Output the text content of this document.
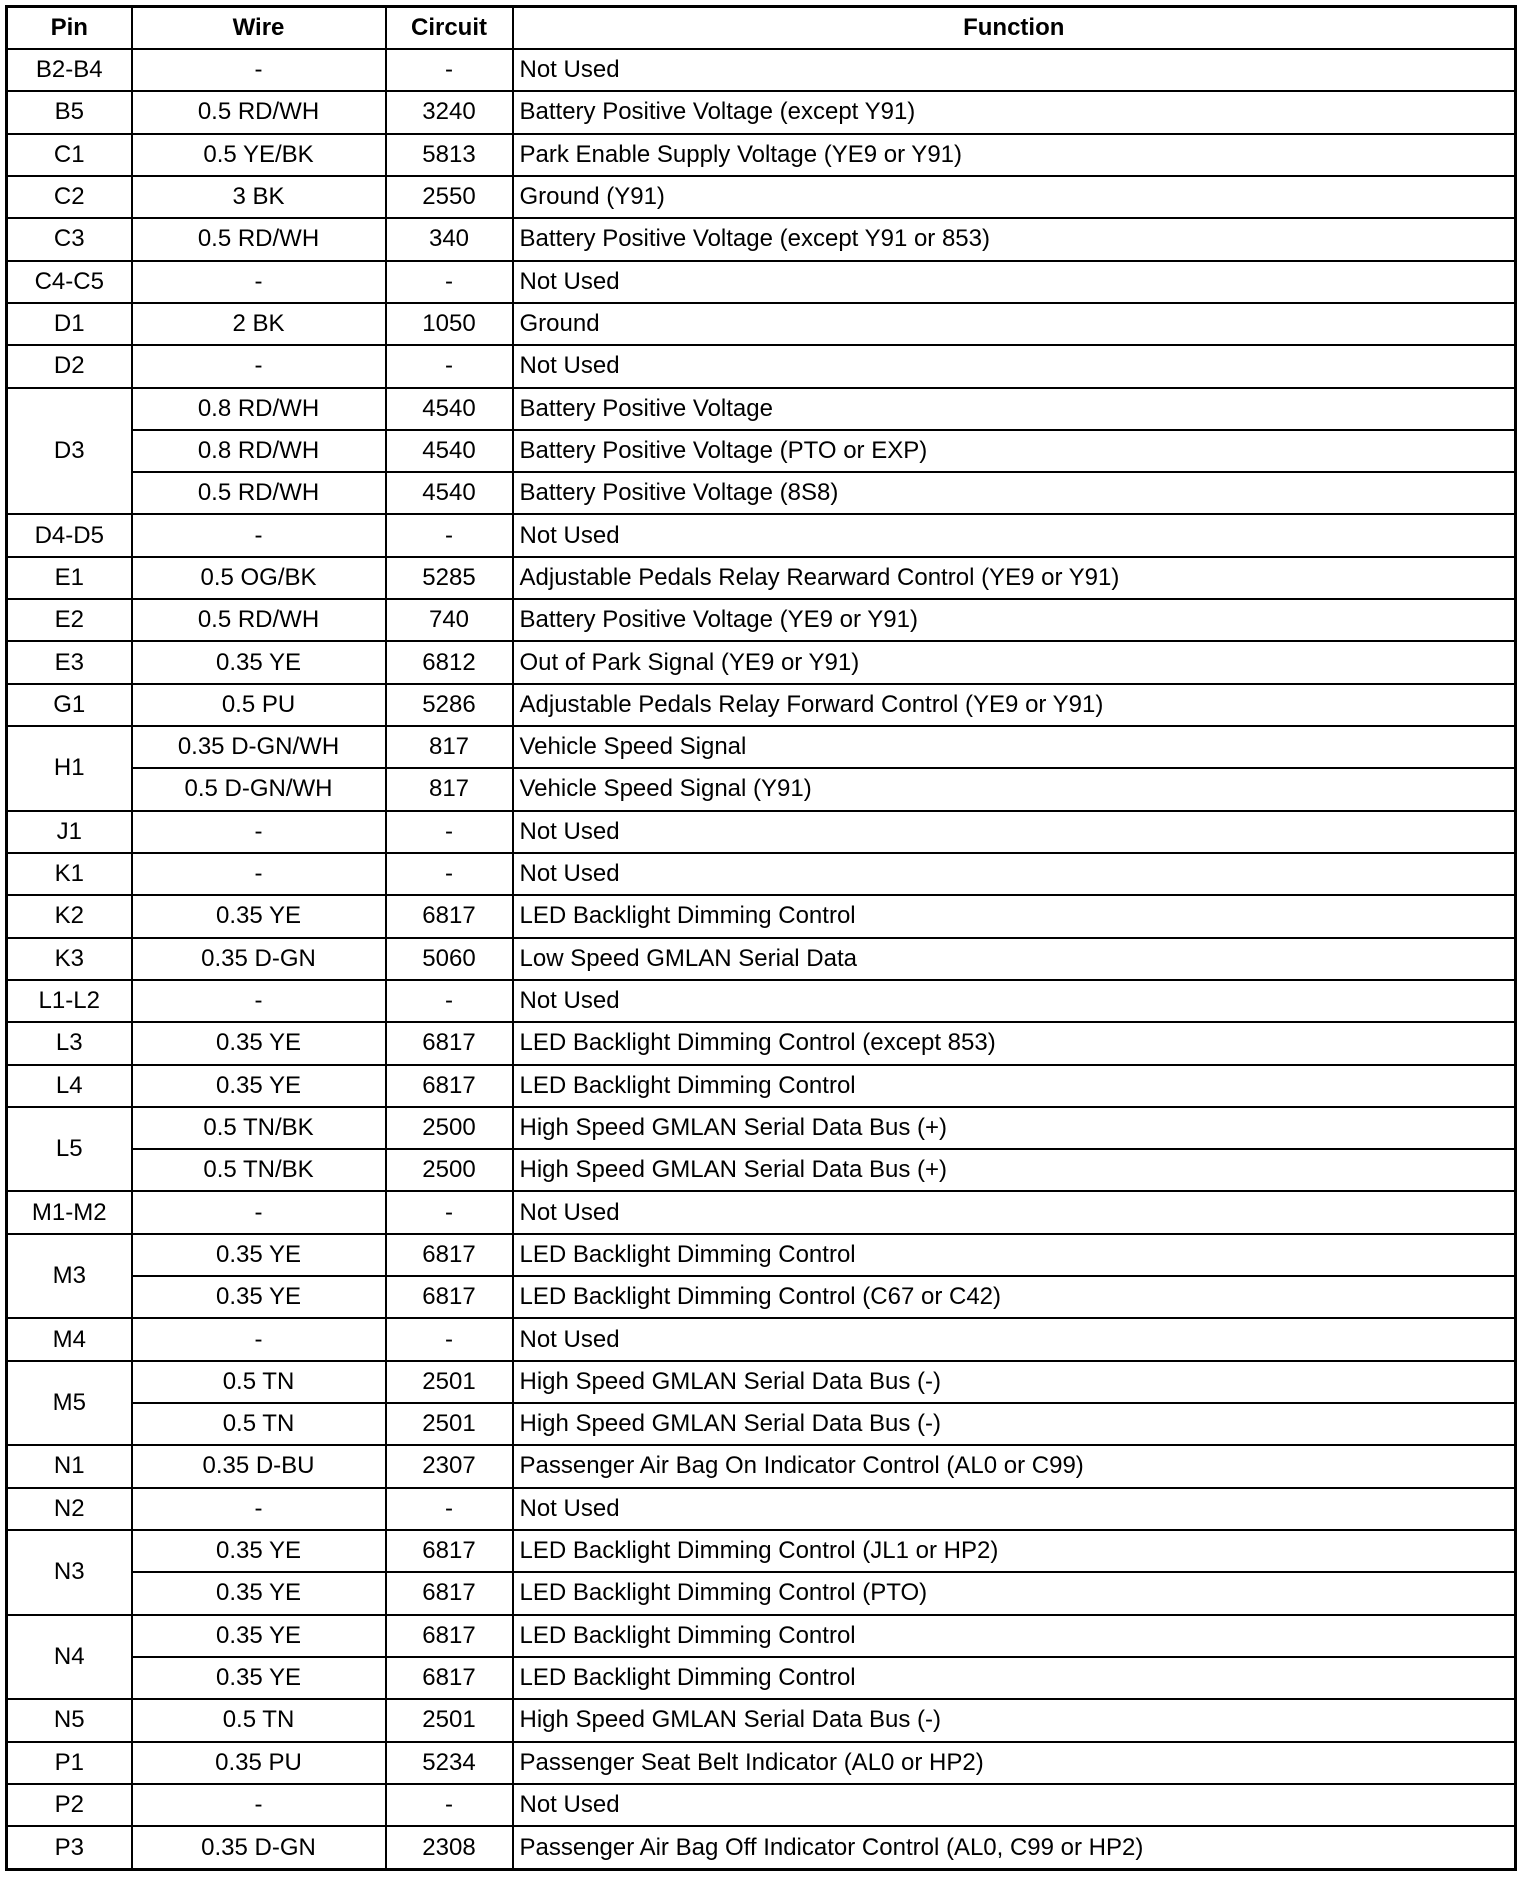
Pin	Wire	Circuit	Function
B2-B4	-	-	Not Used
B5	0.5 RD/WH	3240	Battery Positive Voltage (except Y91)
C1	0.5 YE/BK	5813	Park Enable Supply Voltage (YE9 or Y91)
C2	3 BK	2550	Ground (Y91)
C3	0.5 RD/WH	340	Battery Positive Voltage (except Y91 or 853)
C4-C5	-	-	Not Used
D1	2 BK	1050	Ground
D2	-	-	Not Used
D3	0.8 RD/WH	4540	Battery Positive Voltage
	0.8 RD/WH	4540	Battery Positive Voltage (PTO or EXP)
	0.5 RD/WH	4540	Battery Positive Voltage (8S8)
D4-D5	-	-	Not Used
E1	0.5 OG/BK	5285	Adjustable Pedals Relay Rearward Control (YE9 or Y91)
E2	0.5 RD/WH	740	Battery Positive Voltage (YE9 or Y91)
E3	0.35 YE	6812	Out of Park Signal (YE9 or Y91)
G1	0.5 PU	5286	Adjustable Pedals Relay Forward Control (YE9 or Y91)
H1	0.35 D-GN/WH	817	Vehicle Speed Signal
	0.5 D-GN/WH	817	Vehicle Speed Signal (Y91)
J1	-	-	Not Used
K1	-	-	Not Used
K2	0.35 YE	6817	LED Backlight Dimming Control
K3	0.35 D-GN	5060	Low Speed GMLAN Serial Data
L1-L2	-	-	Not Used
L3	0.35 YE	6817	LED Backlight Dimming Control (except 853)
L4	0.35 YE	6817	LED Backlight Dimming Control
L5	0.5 TN/BK	2500	High Speed GMLAN Serial Data Bus (+)
	0.5 TN/BK	2500	High Speed GMLAN Serial Data Bus (+)
M1-M2	-	-	Not Used
M3	0.35 YE	6817	LED Backlight Dimming Control
	0.35 YE	6817	LED Backlight Dimming Control (C67 or C42)
M4	-	-	Not Used
M5	0.5 TN	2501	High Speed GMLAN Serial Data Bus (-)
	0.5 TN	2501	High Speed GMLAN Serial Data Bus (-)
N1	0.35 D-BU	2307	Passenger Air Bag On Indicator Control (AL0 or C99)
N2	-	-	Not Used
N3	0.35 YE	6817	LED Backlight Dimming Control (JL1 or HP2)
	0.35 YE	6817	LED Backlight Dimming Control (PTO)
N4	0.35 YE	6817	LED Backlight Dimming Control
	0.35 YE	6817	LED Backlight Dimming Control
N5	0.5 TN	2501	High Speed GMLAN Serial Data Bus (-)
P1	0.35 PU	5234	Passenger Seat Belt Indicator (AL0 or HP2)
P2	-	-	Not Used
P3	0.35 D-GN	2308	Passenger Air Bag Off Indicator Control (AL0, C99 or HP2)
